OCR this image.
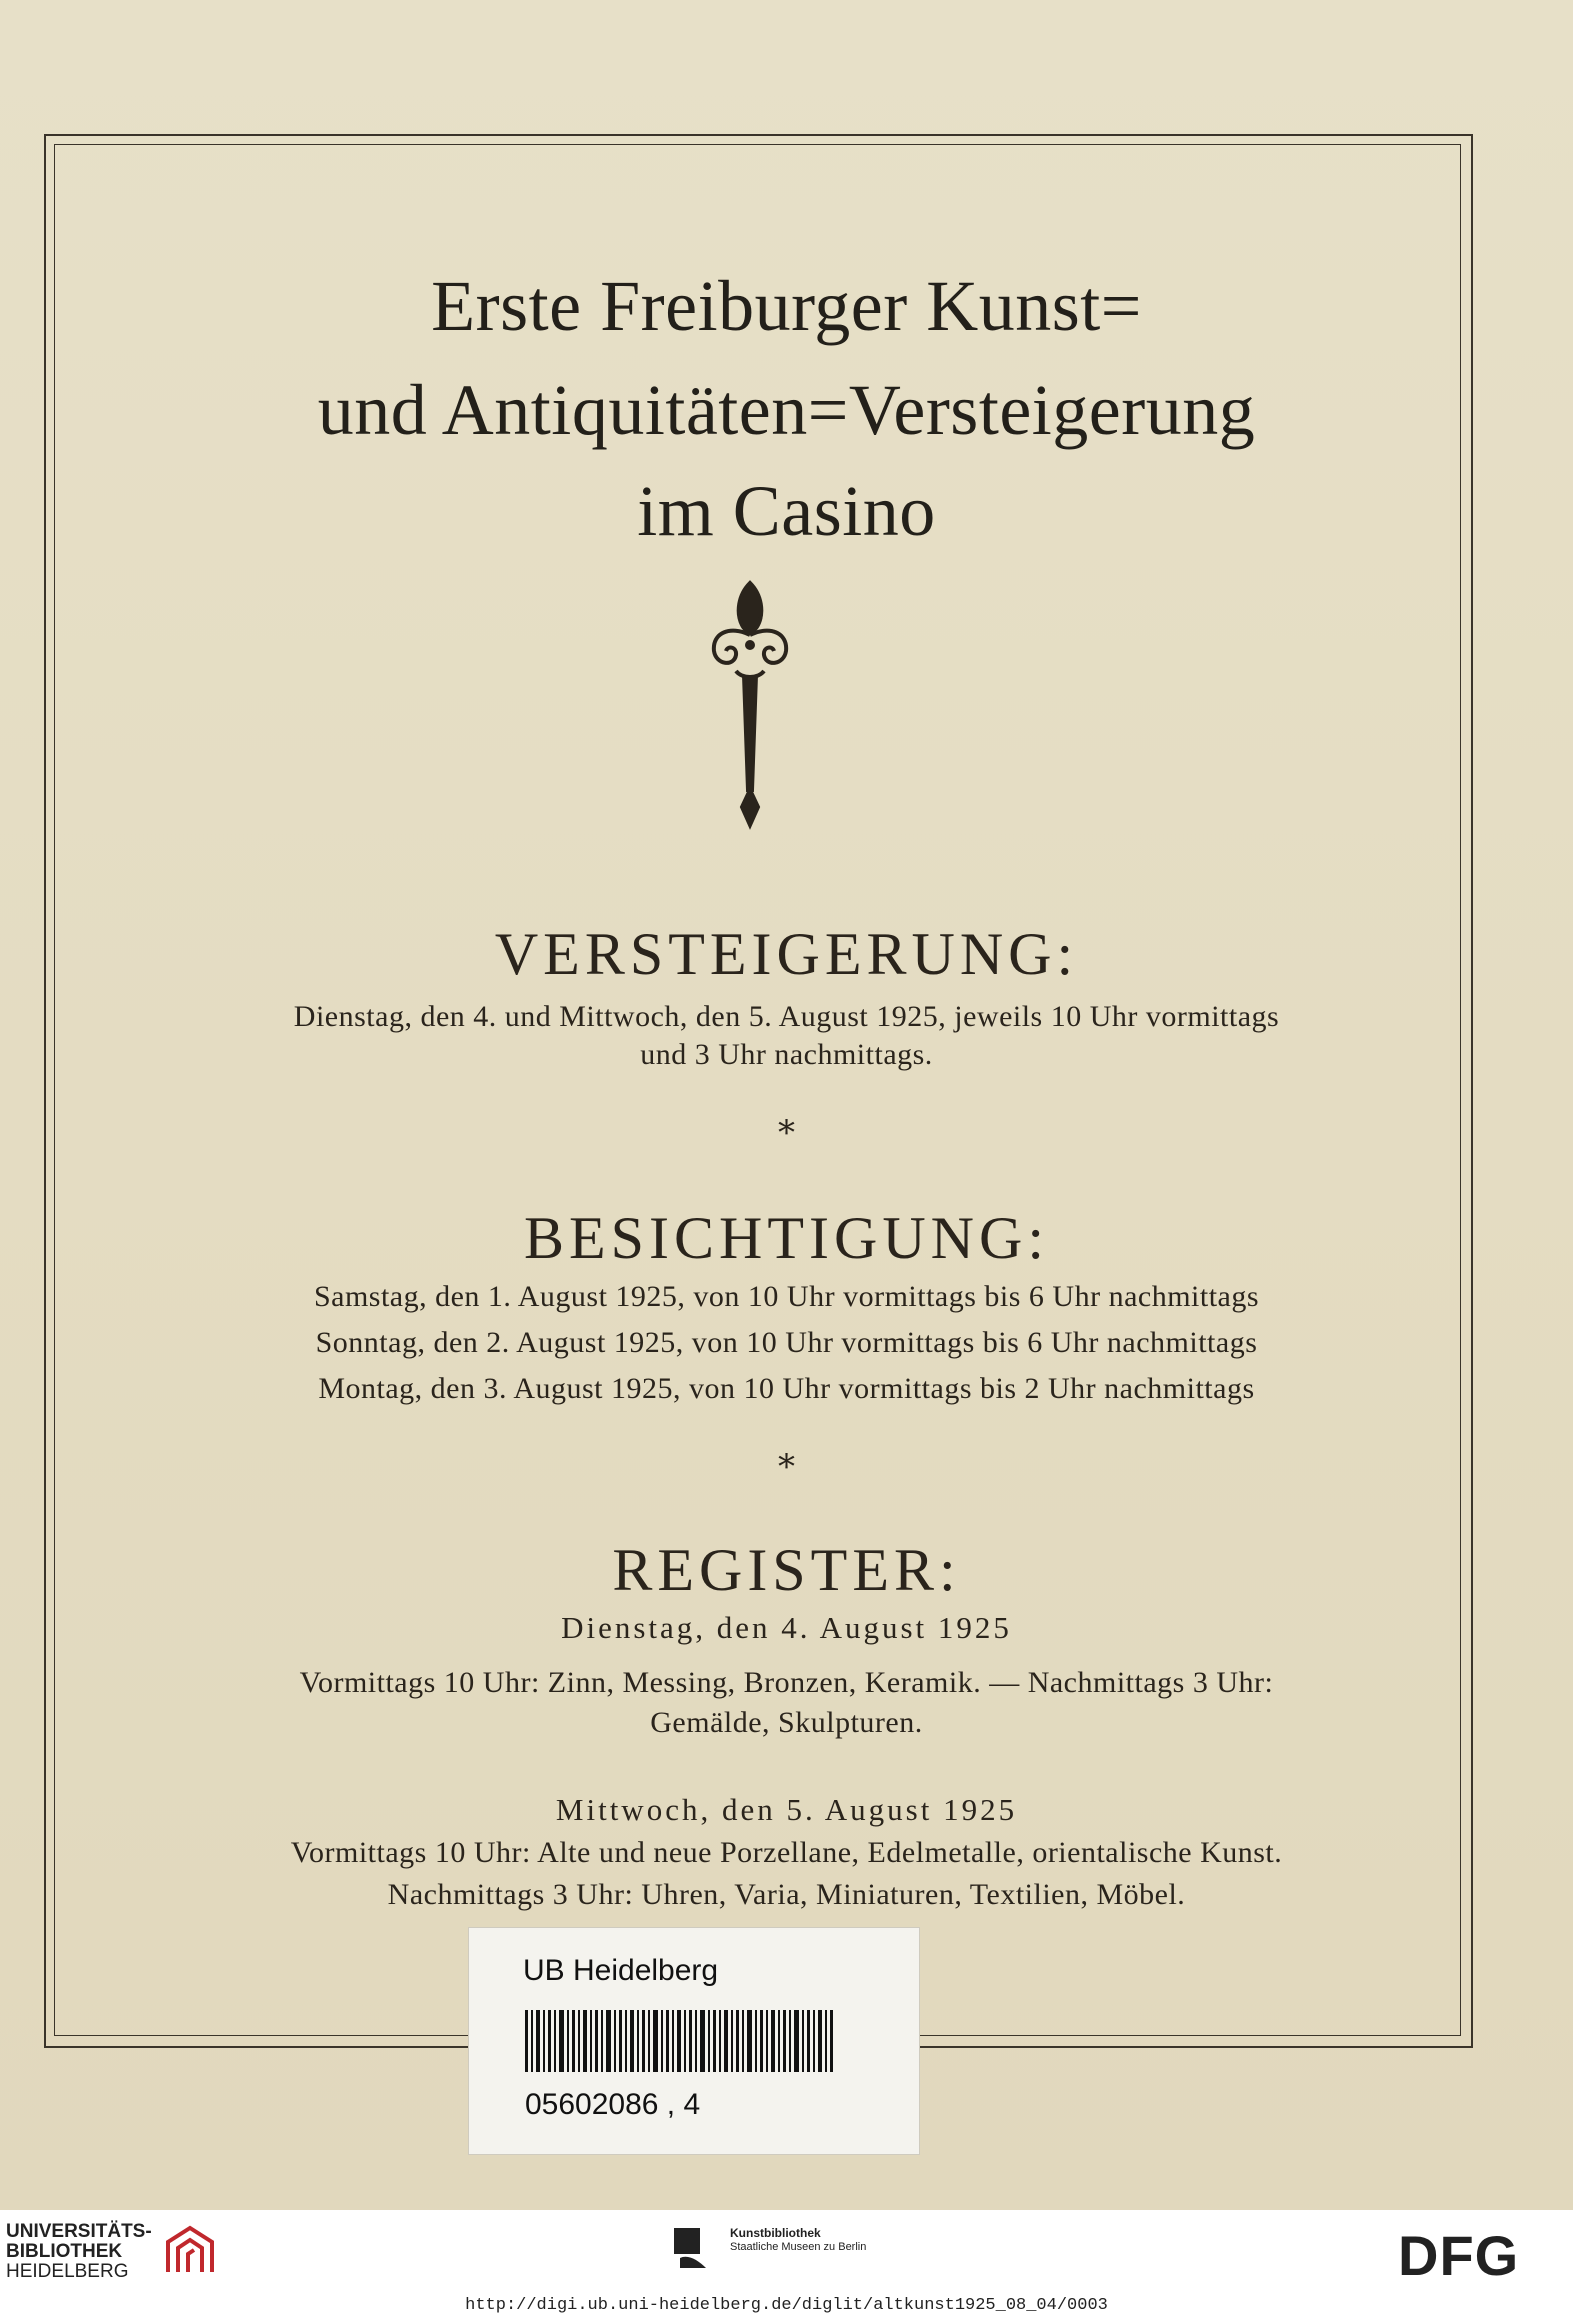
Erste Freiburger Kunst=
und Antiquitäten=Versteigerung
im Casino
VERSTEIGERUNG:
Dienstag, den 4. und Mittwoch, den 5. August 1925, jeweils 10 Uhr vormittags
und 3 Uhr nachmittags.
*
BESICHTIGUNG:
Samstag, den 1. August 1925, von 10 Uhr vormittags bis 6 Uhr nachmittags
Sonntag, den 2. August 1925, von 10 Uhr vormittags bis 6 Uhr nachmittags
Montag, den 3. August 1925, von 10 Uhr vormittags bis 2 Uhr nachmittags
*
REGISTER:
Dienstag, den 4. August 1925
Vormittags 10 Uhr: Zinn, Messing, Bronzen, Keramik. — Nachmittags 3 Uhr:
Gemälde, Skulpturen.
Mittwoch, den 5. August 1925
Vormittags 10 Uhr: Alte und neue Porzellane, Edelmetalle, orientalische Kunst.
Nachmittags 3 Uhr: Uhren, Varia, Miniaturen, Textilien, Möbel.
UB Heidelberg
05602086 , 4
UNIVERSITÄTS-
BIBLIOTHEK
HEIDELBERG
Kunstbibliothek
Staatliche Museen zu Berlin	DFG
http://digi.ub.uni-heidelberg.de/diglit/altkunst1925_08_04/0003
